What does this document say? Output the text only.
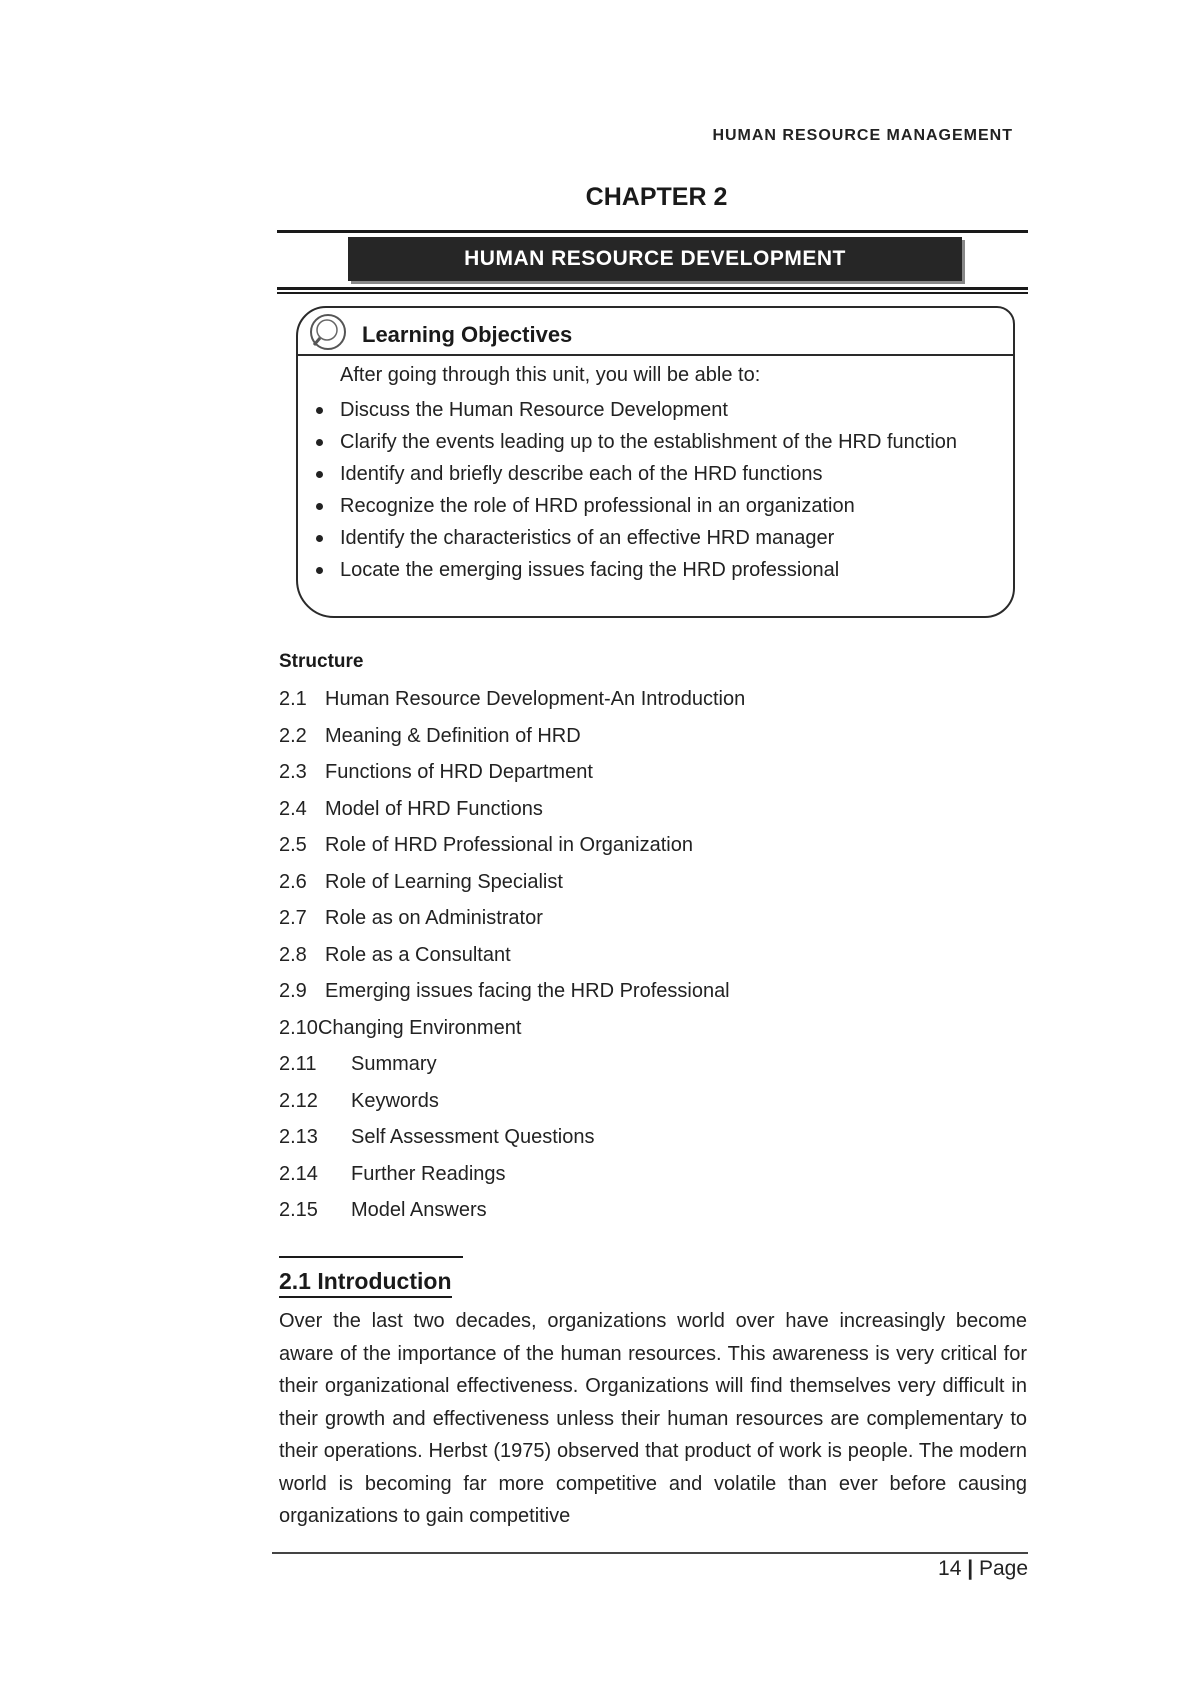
HUMAN RESOURCE MANAGEMENT
CHAPTER 2
HUMAN RESOURCE DEVELOPMENT
Learning Objectives
After going through this unit, you will be able to:
Discuss the Human Resource Development
Clarify the events leading up to the establishment of the HRD function
Identify and briefly describe each of the HRD functions
Recognize the role of HRD professional in an organization
Identify the characteristics of an effective HRD manager
Locate the emerging issues facing the HRD professional
Structure
2.1 Human Resource Development-An Introduction
2.2 Meaning & Definition of HRD
2.3 Functions of HRD Department
2.4 Model of HRD Functions
2.5 Role of HRD Professional in Organization
2.6 Role of Learning Specialist
2.7 Role as on Administrator
2.8 Role as a Consultant
2.9 Emerging issues facing the HRD Professional
2.10Changing Environment
2.11 Summary
2.12 Keywords
2.13 Self Assessment Questions
2.14 Further Readings
2.15 Model Answers
2.1 Introduction

Over the last two decades, organizations world over have increasingly become aware of the importance of the human resources. This awareness is very critical for their organizational effectiveness. Organizations will find themselves very difficult in their growth and effectiveness unless their human resources are complementary to their operations. Herbst (1975) observed that product of work is people. The modern world is becoming far more competitive and volatile than ever before causing organizations to gain competitive

14 | Page
